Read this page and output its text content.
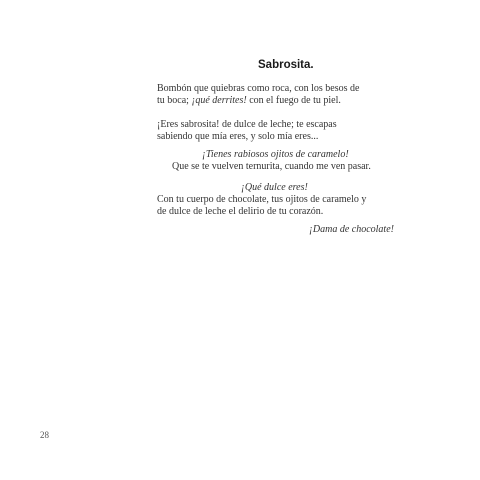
Sabrosita.
Bombón que quiebras como roca, con los besos de
tu boca; ¡qué derrites! con el fuego de tu piel.
¡Eres sabrosita! de dulce de leche; te escapas
sabiendo que mía eres, y solo mía eres...
¡Tienes rabiosos ojitos de caramelo!
Que se te vuelven ternurita, cuando me ven pasar.
¡Qué dulce eres!
Con tu cuerpo de chocolate, tus ojitos de caramelo y
de dulce de leche el delirio de tu corazón.
¡Dama de chocolate!
28
